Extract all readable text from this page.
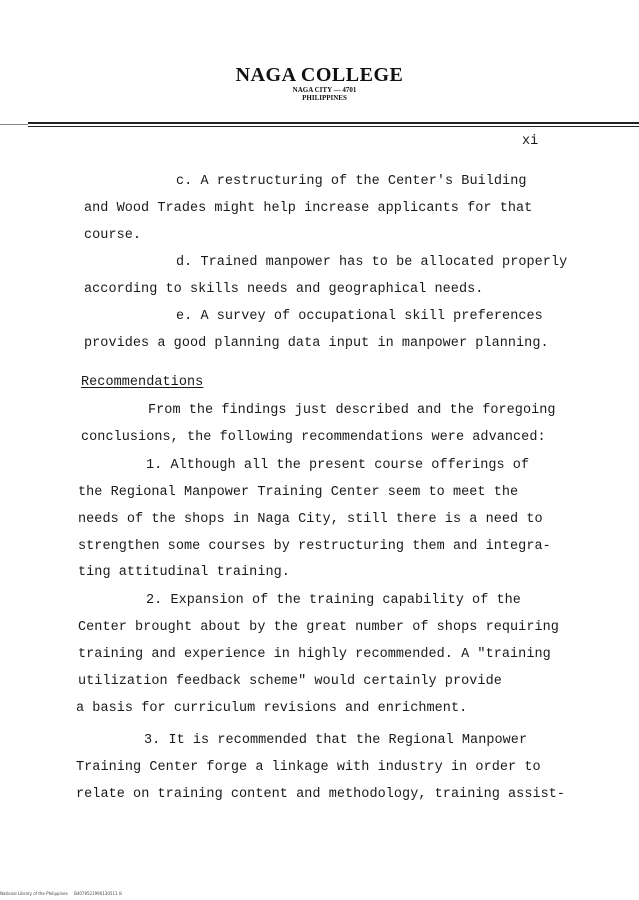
NAGA COLLEGE
NAGA CITY — 4701
PHILIPPINES
xi
c. A restructuring of the Center's Building
and Wood Trades might help increase applicants for that
course.
d. Trained manpower has to be allocated properly
according to skills needs and geographical needs.
e. A survey of occupational skill preferences
provides a good planning data input in manpower planning.
Recommendations
From the findings just described and the foregoing
conclusions, the following recommendations were advanced:
1. Although all the present course offerings of
the Regional Manpower Training Center seem to meet the
needs of the shops in Naga City, still there is a need to
strengthen some courses by restructuring them and integra-
ting attitudinal training.
2. Expansion of the training capability of the
Center brought about by the great number of shops requiring
training and experience in highly recommended. A "training
utilization feedback scheme" would certainly provide
a basis for curriculum revisions and enrichment.
3. It is recommended that the Regional Manpower
Training Center forge a linkage with industry in order to
relate on training content and methodology, training assist-
National Library of the Philippines     B4079521990130511 lii
